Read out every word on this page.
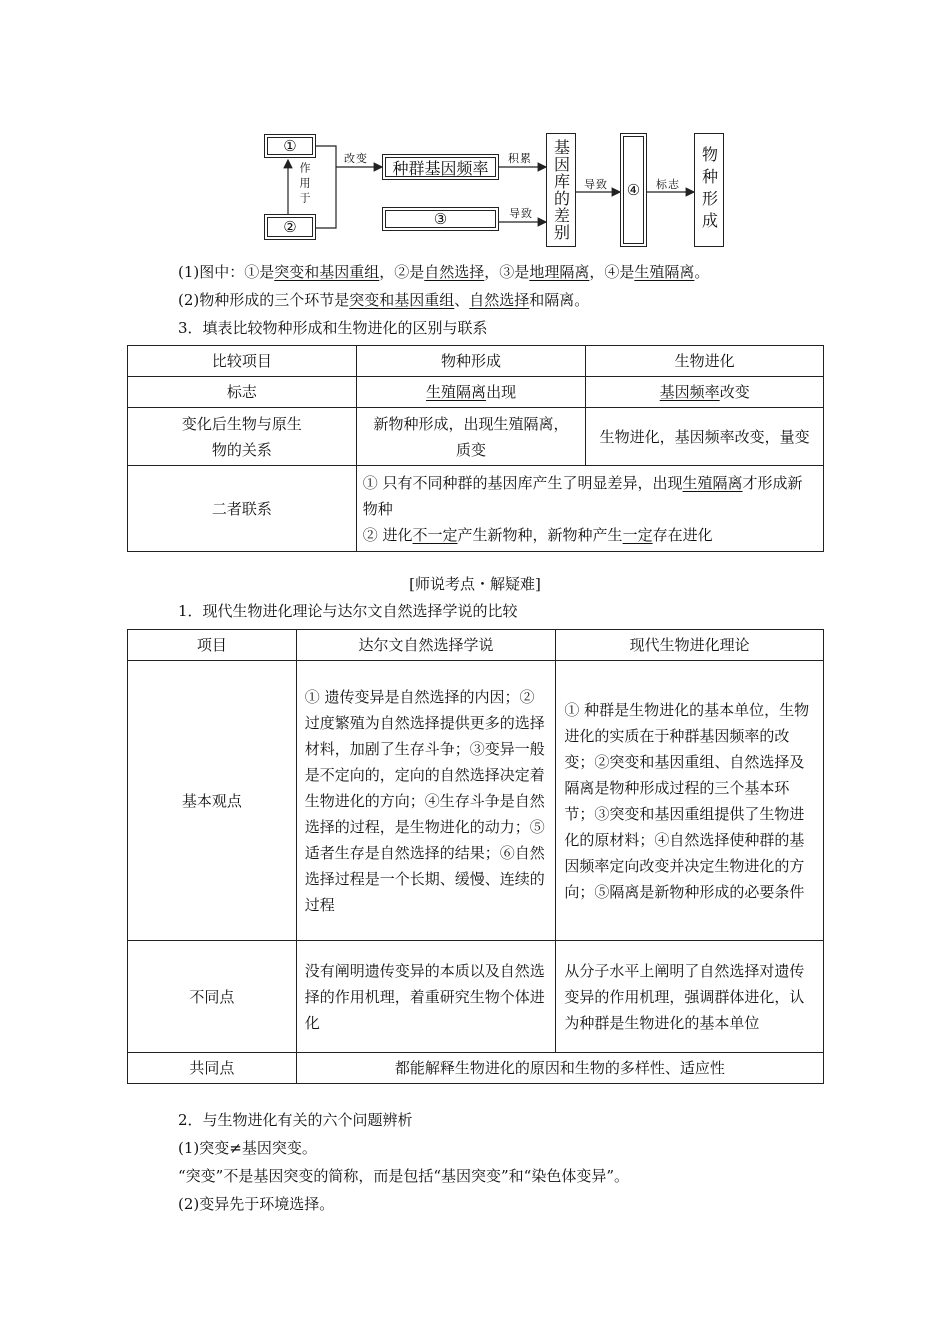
①
②
种群基因频率
③	基因库的差别	④	物种形成
作用于
改变	积累
导致
导致	标志
(1)图中：①是突变和基因重组，②是自然选择，③是地理隔离，④是生殖隔离。
(2)物种形成的三个环节是突变和基因重组、自然选择和隔离。
3．填表比较物种形成和生物进化的区别与联系
比较项目	物种形成	生物进化
标志	生殖隔离出现	基因频率改变
变化后生物与原生物的关系	新物种形成，出现生殖隔离，质变	生物进化，基因频率改变，量变
二者联系	① 只有不同种群的基因库产生了明显差异，出现生殖隔离才形成新物种
② 进化不一定产生新物种，新物种产生一定存在进化	
[师说考点・解疑难]
1．现代生物进化理论与达尔文自然选择学说的比较
项目	达尔文自然选择学说	现代生物进化理论
基本观点	① 遗传变异是自然选择的内因；②过度繁殖为自然选择提供更多的选择材料，加剧了生存斗争；③变异一般是不定向的，定向的自然选择决定着生物进化的方向；④生存斗争是自然选择的过程，是生物进化的动力；⑤适者生存是自然选择的结果；⑥自然选择过程是一个长期、缓慢、连续的过程	① 种群是生物进化的基本单位，生物进化的实质在于种群基因频率的改变；②突变和基因重组、自然选择及隔离是物种形成过程的三个基本环节；③突变和基因重组提供了生物进化的原材料；④自然选择使种群的基因频率定向改变并决定生物进化的方向；⑤隔离是新物种形成的必要条件
不同点	没有阐明遗传变异的本质以及自然选择的作用机理，着重研究生物个体进化	从分子水平上阐明了自然选择对遗传变异的作用机理，强调群体进化，认为种群是生物进化的基本单位
共同点	都能解释生物进化的原因和生物的多样性、适应性	
2．与生物进化有关的六个问题辨析
(1)突变≠基因突变。
“突变”不是基因突变的简称，而是包括“基因突变”和“染色体变异”。
(2)变异先于环境选择。
